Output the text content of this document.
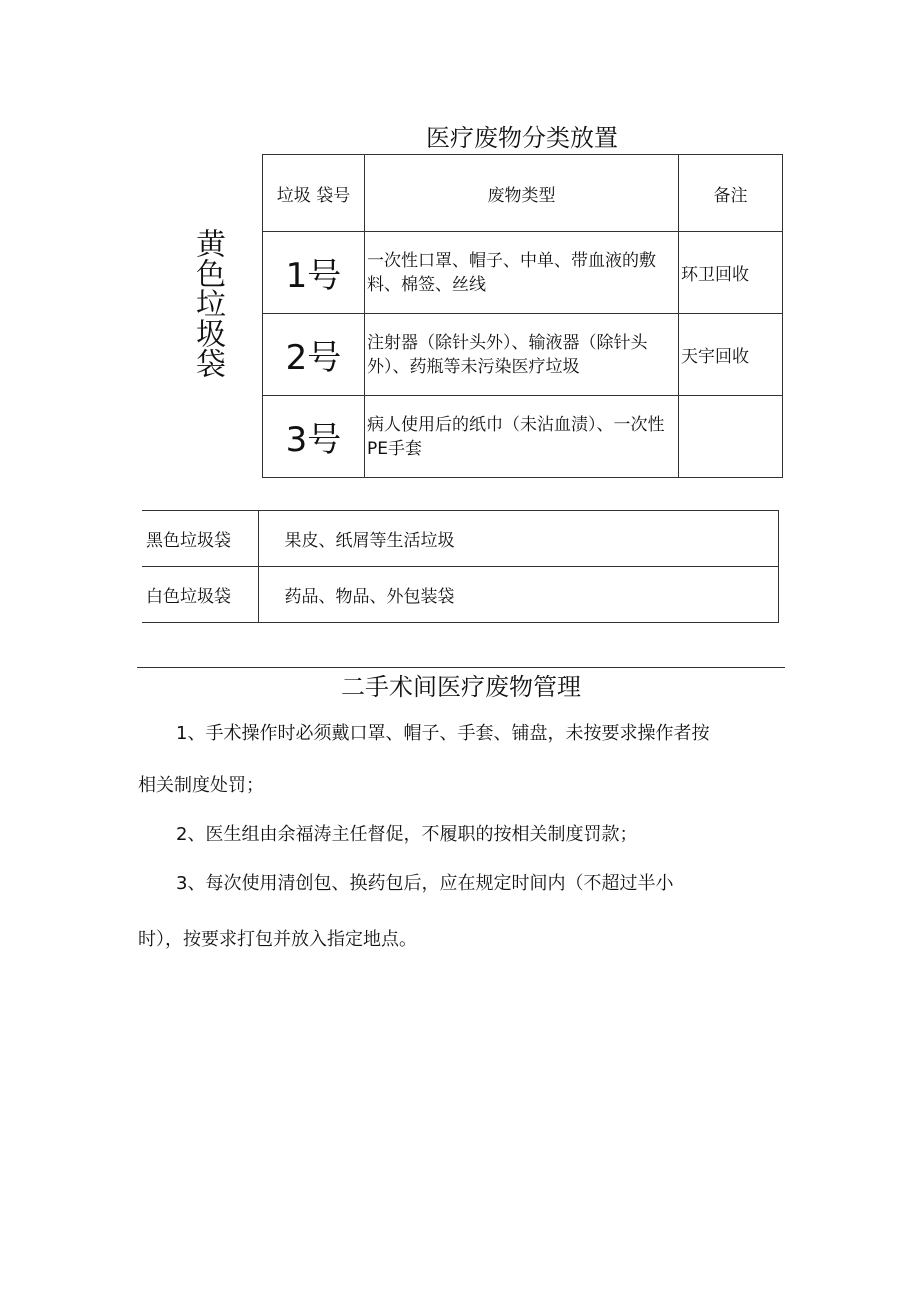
医疗废物分类放置
黄色垃圾袋
垃圾 袋号	废物类型	备注
1号	一次性口罩、帽子、中单、带血液的敷料、棉签、丝线	环卫回收
2号	注射器（除针头外）、输液器（除针头外）、药瓶等未污染医疗垃圾	天宇回收
3号	病人使用后的纸巾（未沾血渍）、一次性PE手套	
黑色垃圾袋	果皮、纸屑等生活垃圾
白色垃圾袋	药品、物品、外包装袋
二手术间医疗废物管理
1、手术操作时必须戴口罩、帽子、手套、铺盘，未按要求操作者按
相关制度处罚；
2、医生组由余福涛主任督促，不履职的按相关制度罚款；
3、每次使用清创包、换药包后，应在规定时间内（不超过半小
时），按要求打包并放入指定地点。
